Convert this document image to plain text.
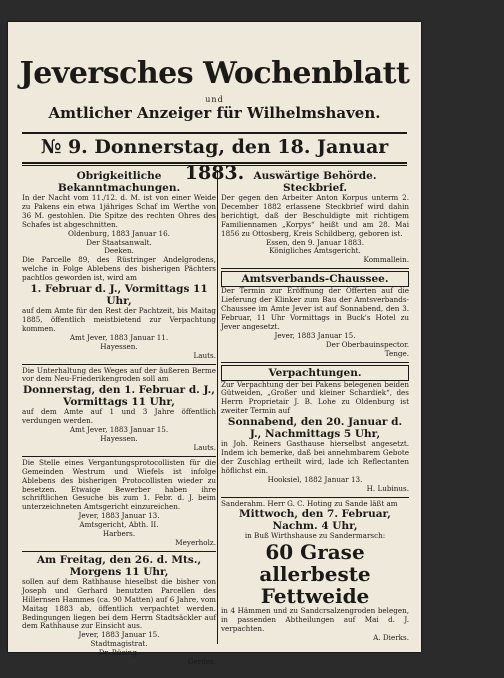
Jeversches Wochenblatt
und
Amtlicher Anzeiger für Wilhelmshaven.
№ 9. Donnerstag, den 18. Januar 1883.
Obrigkeitliche Bekanntmachungen.

In der Nacht vom 11./12. d. M. ist von einer Weide zu Pakens ein etwa 1jähriges Schaf im Werthe von 36 M. gestohlen. Die Spitze des rechten Ohres des Schafes ist abgeschnitten.

Oldenburg, 1883 Januar 16.

Der Staatsanwalt.

Deeken.

Die Parcelle 89, des Rüstringer Andelgrodens, welche in Folge Ablebens des bisherigen Pächters pachtlos geworden ist, wird am

1. Februar d. J., Vormittags 11 Uhr,

auf dem Amte für den Rest der Pachtzeit, bis Maitag 1885, öffentlich meistbietend zur Verpachtung kommen.

Amt Jever, 1883 Januar 11.

Hayessen.

Lauts.

Die Unterhaltung des Weges auf der äußeren Berme vor dem Neu-Friederikengroden soll am

Donnerstag, den 1. Februar d. J., Vormittags 11 Uhr,

auf dem Amte auf 1 und 3 Jahre öffentlich verdungen werden.

Amt Jever, 1883 Januar 15.

Hayessen.

Lauts.

Die Stelle eines Vergantungsprotocollisten für die Gemeinden Westrum und Wiefels ist infolge Ablebens des bisherigen Protocollisten wieder zu besetzen. Etwaige Bewerber haben ihre schriftlichen Gesuche bis zum 1. Febr. d. J. beim unterzeichneten Amtsgericht einzureichen.

Jever, 1883 Januar 13.

Amtsgericht, Abth. II.

Harbers.

Meyerholz.

Am Freitag, den 26. d. Mts., Morgens 11 Uhr,

sollen auf dem Rathhause hieselbst die bisher von Joseph und Gerhard benutzten Parcellen des Hillernsen Hammes (ca. 90 Matten) auf 6 Jahre, vom Maitag 1883 ab, öffentlich verpachtet werden. Bedingungen liegen bei dem Herrn Stadtsäckler auf dem Rathhause zur Einsicht aus.

Jever, 1883 Januar 15.

Stadtmagistrat.

Dr. Büsing.

Gerdes.

Auswärtige Behörde.
Steckbrief.

Der gegen den Arbeiter Anton Korpus unterm 2. December 1882 erlassene Steckbrief wird dahin berichtigt, daß der Beschuldigte mit richtigem Familiennamen „Korpys“ heißt und am 28. Mai 1856 zu Ottosberg, Kreis Schildberg, geboren ist.

Essen, den 9. Januar 1883.

Königliches Amtsgericht.

Kommallein.

Amtsverbands-Chaussee.

Der Termin zur Eröffnung der Offerten auf die Lieferung der Klinker zum Bau der Amtsverbands-Chaussee im Amte Jever ist auf Sonnabend, den 3. Februar, 11 Uhr Vormittags in Buck's Hotel zu Jever angesetzt.

Jever, 1883 Januar 15.

Der Oberbauinspector.

Tenge.

Verpachtungen.

Zur Verpachtung der bei Pakens belegenen beiden Gütweiden, „Großer und kleiner Schardiek“, des Herrn Proprietair J. B. Lohe zu Oldenburg ist zweiter Termin auf

Sonnabend, den 20. Januar d. J., Nachmittags 5 Uhr,

in Joh. Reiners Gasthause hierselbst angesetzt. Indem ich bemerke, daß bei annehmbarem Gebote der Zuschlag ertheilt wird, lade ich Reflectanten höflichst ein.

Hooksiel, 1882 Januar 13.

H. Lubinus.

Sanderahm. Herr G. C. Hoting zu Sande läßt am

Mittwoch, den 7. Februar, Nachm. 4 Uhr,

in Buß Wirthshause zu Sandermarsch:

60 Grase allerbeste

Fettweide

in 4 Hämmen und zu Sandcrsalzengroden belegen, in passenden Abtheilungen auf Mai d. J. verpachten.

A. Dierks.
